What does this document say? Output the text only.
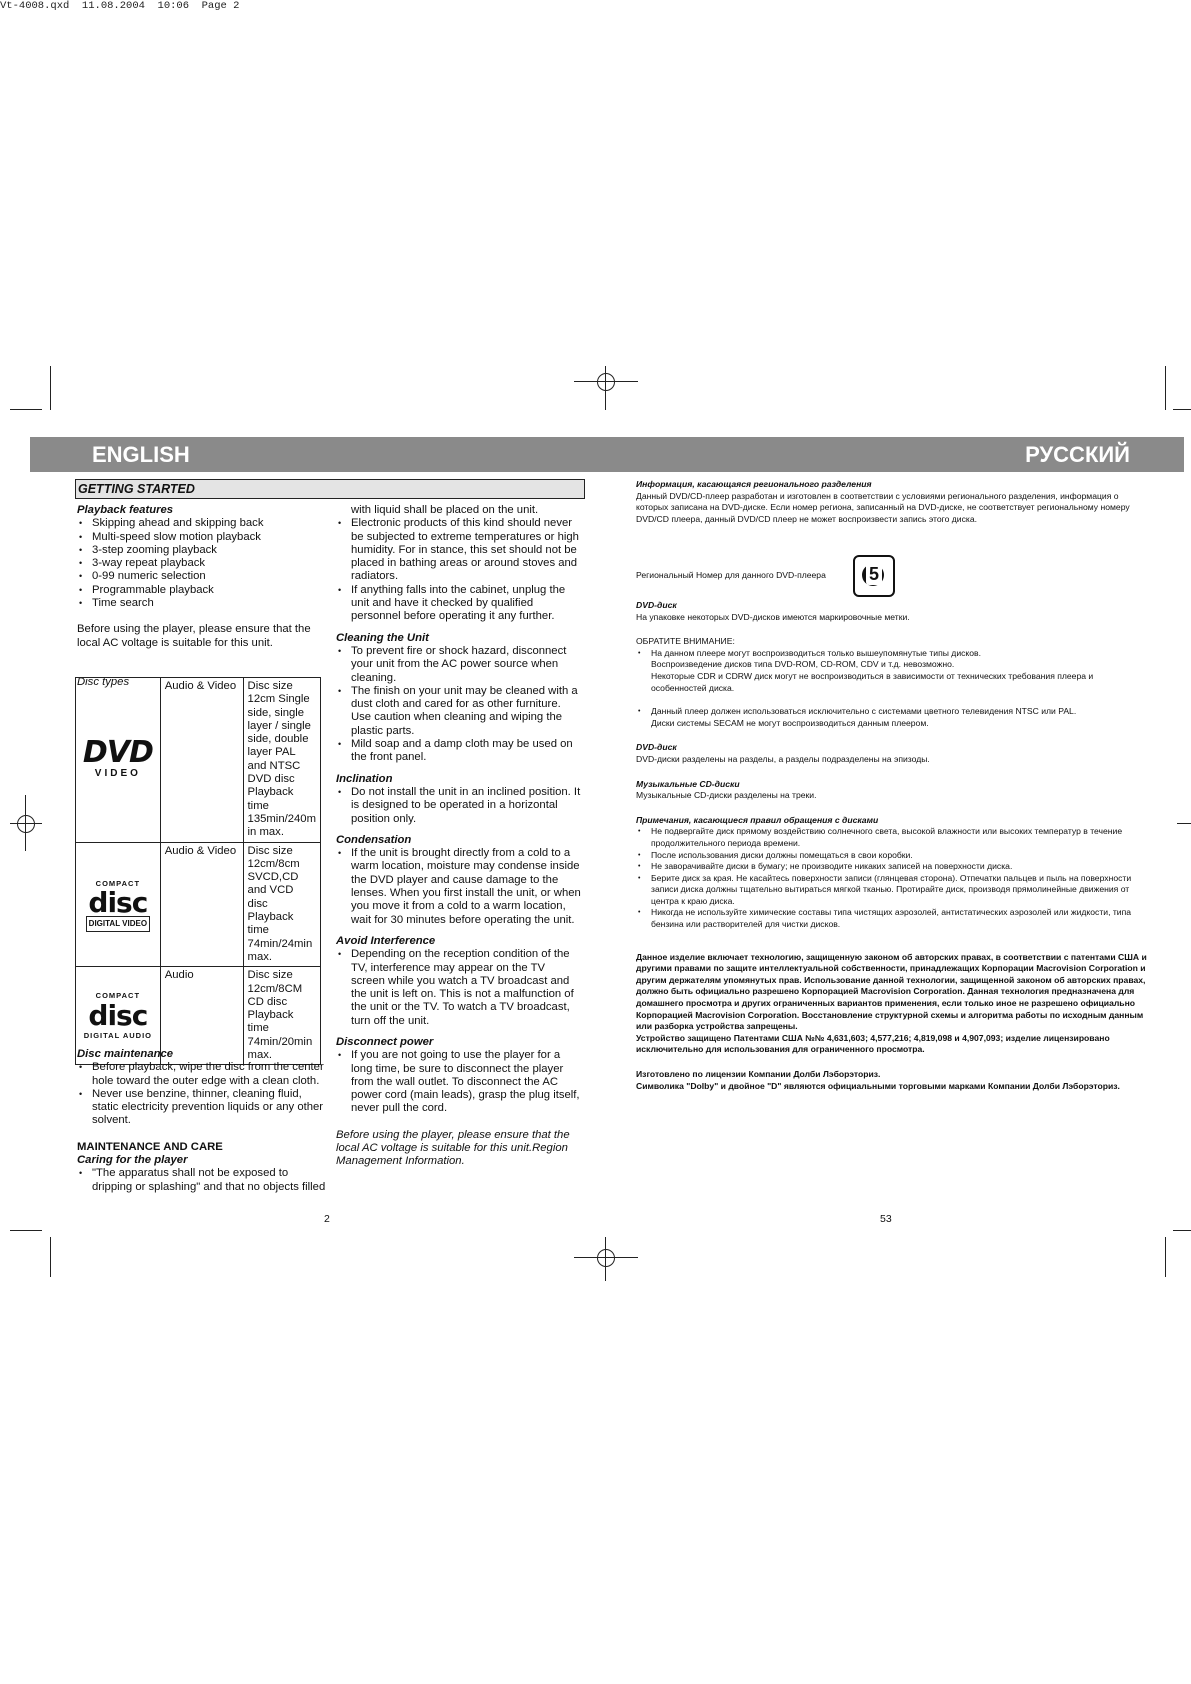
Vt-4008.qxd  11.08.2004  10:06  Page 2
ENGLISH	РУССКИЙ
GETTING STARTED

Playback features

• Skipping ahead and skipping back
• Multi-speed slow motion playback
• 3-step zooming playback
• 3-way repeat playback
• 0-99 numeric selection
• Programmable playback
• Time search

Before using the player, please ensure that the local AC voltage is suitable for this unit.

Disc types

DVD
VIDEO	Audio & Video	Disc size 12cm Single side, single layer / single side, double layer PAL and NTSC DVD disc Playback time 135min/240m in max.

COMPACT
disc
DIGITAL VIDEO	Audio & Video	Disc size 12cm/8cm SVCD,CD and VCD disc Playback time 74min/24min max.

COMPACT
disc
DIGITAL AUDIO	Audio	Disc size 12cm/8CM CD disc Playback time 74min/20min max.

Disc maintenance

• Before playback, wipe the disc from the center hole toward the outer edge with a clean cloth.
• Never use benzine, thinner, cleaning fluid, static electricity prevention liquids or any other solvent.

MAINTENANCE AND CARE

Caring for the player

• "The apparatus shall not be exposed to dripping or splashing" and that no objects filled

with liquid shall be placed on the unit.

• Electronic products of this kind should never be subjected to extreme temperatures or high humidity. For in stance, this set should not be placed in bathing areas or around stoves and radiators.
• If anything falls into the cabinet, unplug the unit and have it checked by qualified personnel before operating it any further.

Cleaning the Unit

• To prevent fire or shock hazard, disconnect your unit from the AC power source when cleaning.
• The finish on your unit may be cleaned with a dust cloth and cared for as other furniture. Use caution when cleaning and wiping the plastic parts.
• Mild soap and a damp cloth may be used on the front panel.

Inclination

• Do not install the unit in an inclined position. It is designed to be operated in a horizontal position only.

Condensation

• If the unit is brought directly from a cold to a warm location, moisture may condense inside the DVD player and cause damage to the lenses. When you first install the unit, or when you move it from a cold to a warm location, wait for 30 minutes before operating the unit.

Avoid Interference

• Depending on the reception condition of the TV, interference may appear on the TV screen while you watch a TV broadcast and the unit is left on. This is not a malfunction of the unit or the TV. To watch a TV broadcast, turn off the unit.

Disconnect power

• If you are not going to use the player for a long time, be sure to disconnect the player from the wall outlet. To disconnect the AC power cord (main leads), grasp the plug itself, never pull the cord.

Before using the player, please ensure that the local AC voltage is suitable for this unit.Region Management Information.

Информация, касающаяся регионального разделения

Данный DVD/CD-плеер разработан и изготовлен в соответствии с условиями регионального разделения, информация о которых записана на DVD-диске. Если номер региона, записанный на DVD-диске, не соответствует региональному номеру DVD/CD плеера, данный DVD/CD плеер не может воспроизвести запись этого диска.

Региональный Номер для данного DVD-плеера	5

DVD-диск

На упаковке некоторых DVD-дисков имеются маркировочные метки.

ОБРАТИТЕ ВНИМАНИЕ:

• На данном плеере могут воспроизводиться только вышеупомянутые типы дисков.
Воспроизведение дисков типа DVD-ROM, CD-ROM, CDV и т.д. невозможно.
Некоторые CDR и CDRW диск могут не воспроизводиться в зависимости от технических требования плеера и особенностей диска.
• Данный плеер должен использоваться исключительно с системами цветного телевидения NTSC или PAL.
Диски системы SECAM не могут воспроизводиться данным плеером.

DVD-диск

DVD-диски разделены на разделы, а разделы подразделены на эпизоды.

Музыкальные CD-диски

Музыкальные CD-диски разделены на треки.

Примечания, касающиеся правил обращения с дисками

• Не подвергайте диск прямому воздействию солнечного света, высокой влажности или высоких температур в течение продолжительного периода времени.
• После использования диски должны помещаться в свои коробки.
• Не заворачивайте диски в бумагу; не производите никаких записей на поверхности диска.
• Берите диск за края. Не касайтесь поверхности записи (глянцевая сторона). Отпечатки пальцев и пыль на поверхности записи диска должны тщательно вытираться мягкой тканью. Протирайте диск, производя прямолинейные движения от центра к краю диска.
• Никогда не используйте химические составы типа чистящих аэрозолей, антистатических аэрозолей или жидкости, типа бензина или растворителей для чистки дисков.

Данное изделие включает технологию, защищенную законом об авторских правах, в соответствии с патентами США и другими правами по защите интеллектуальной собственности, принадлежащих Корпорации Macrovision Corporation и другим держателям упомянутых прав. Использование данной технологии, защищенной законом об авторских правах, должно быть официально разрешено Корпорацией Macrovision Corporation. Данная технология предназначена для домашнего просмотра и других ограниченных вариантов применения, если только иное не разрешено официально Корпорацией Macrovision Corporation. Восстановление структурной схемы и алгоритма работы по исходным данным или разборка устройства запрещены.

Устройство защищено Патентами США №№ 4,631,603; 4,577,216; 4,819,098 и 4,907,093; изделие лицензировано исключительно для использования для ограниченного просмотра.

Изготовлено по лицензии Компании Долби Лэборэториз.

Символика "Dolby" и двойное "D" являются официальными торговыми марками Компании Долби Лэборэториз.

2	53
